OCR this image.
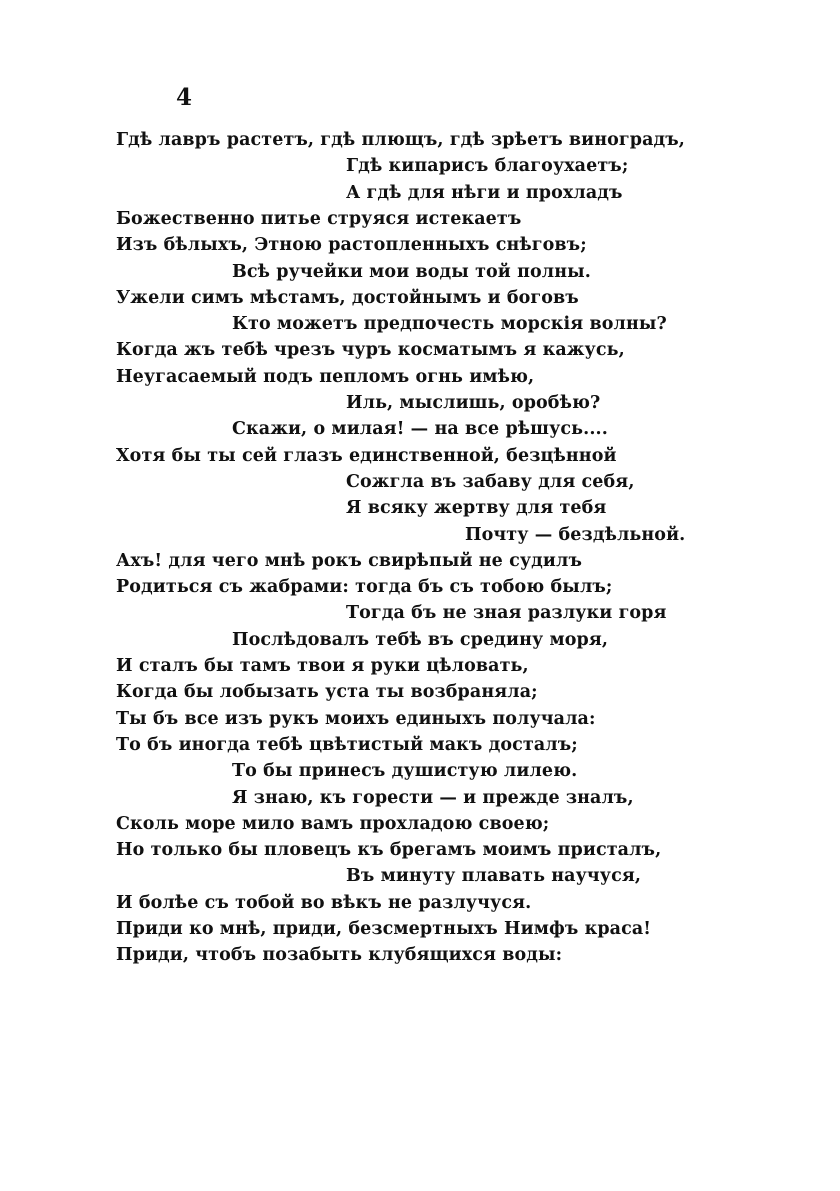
4
Гдѣ лавръ растетъ, гдѣ плющъ, гдѣ зрѣетъ виноградъ,
Гдѣ кипарисъ благоухаетъ;
А гдѣ для нѣги и прохладъ
Божественно питье струяся истекаетъ
Изъ бѣлыхъ, Этною растопленныхъ снѣговъ;
Всѣ ручейки мои воды той полны.
Ужели симъ мѣстамъ, достойнымъ и боговъ
Кто можетъ предпочесть морскія волны?
Когда жъ тебѣ чрезъ чуръ косматымъ я кажусь,
Неугасаемый подъ пепломъ огнь имѣю,
Иль, мыслишь, оробѣю?
Скажи, о милая! — на все рѣшусь....
Хотя бы ты сей глазъ единственной, безцѣнной
Сожгла въ забаву для себя,
Я всяку жертву для тебя
Почту — бездѣльной.
Ахъ! для чего мнѣ рокъ свирѣпый не судилъ
Родиться съ жабрами: тогда бъ съ тобою былъ;
Тогда бъ не зная разлуки горя
Послѣдовалъ тебѣ въ средину моря,
И сталъ бы тамъ твои я руки цѣловать,
Когда бы лобызать уста ты возбраняла;
Ты бъ все изъ рукъ моихъ единыхъ получала:
То бъ иногда тебѣ цвѣтистый макъ досталъ;
То бы принесъ душистую лилею.
Я знаю, къ горести — и прежде зналъ,
Сколь море мило вамъ прохладою своею;
Но только бы пловецъ къ брегамъ моимъ присталъ,
Въ минуту плавать научуся,
И болѣе съ тобой во вѣкъ не разлучуся.
Приди ко мнѣ, приди, безсмертныхъ Нимфъ краса!
Приди, чтобъ позабыть клубящихся воды:
